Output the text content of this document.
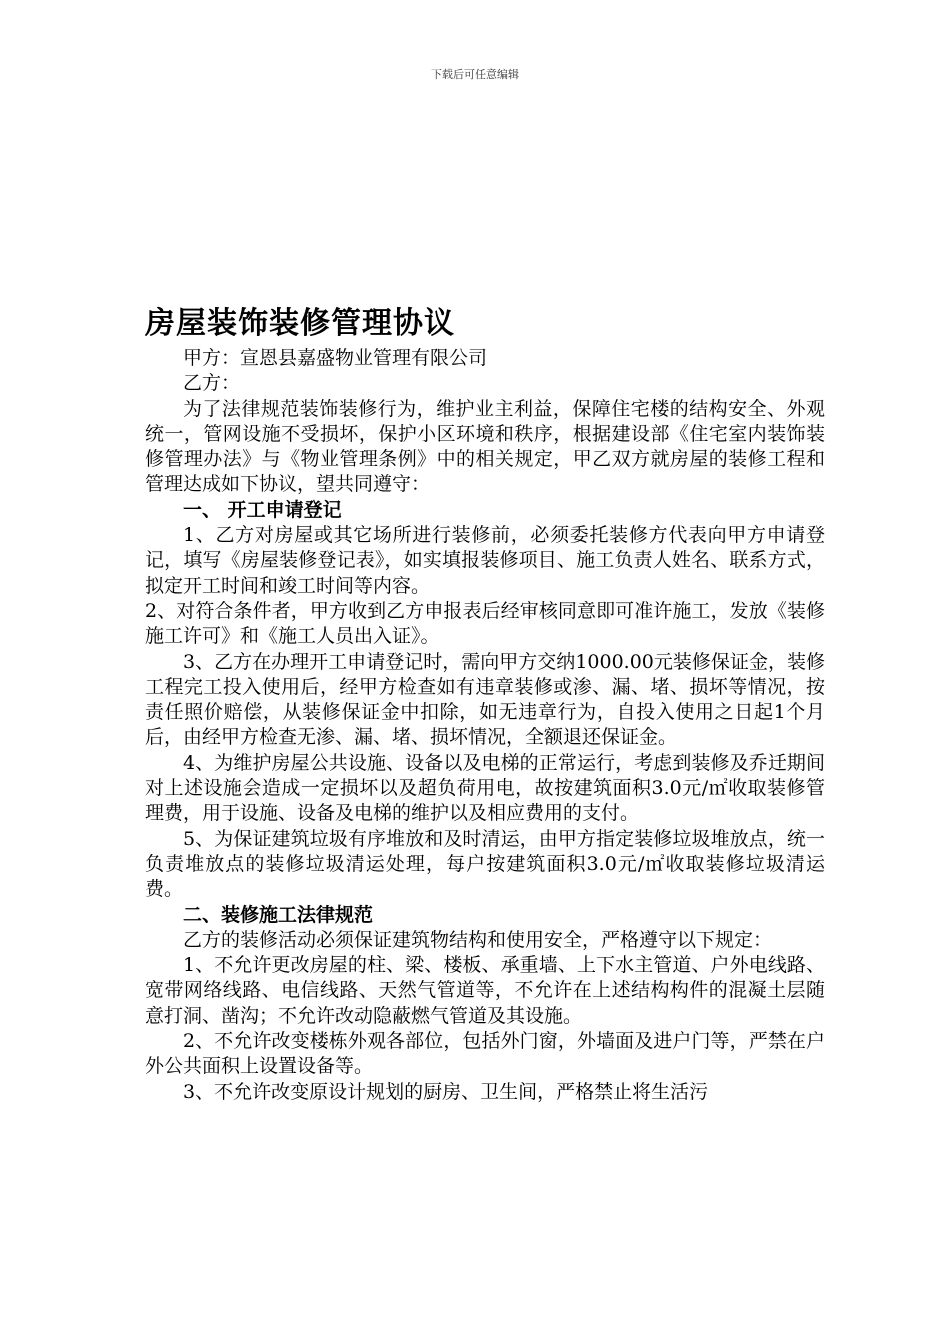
下载后可任意编辑
房屋装饰装修管理协议

甲方：宣恩县嘉盛物业管理有限公司

乙方：

为了法律规范装饰装修行为，维护业主利益，保障住宅楼的结构安全、外观统一，管网设施不受损坏，保护小区环境和秩序，根据建设部《住宅室内装饰装修管理办法》与《物业管理条例》中的相关规定，甲乙双方就房屋的装修工程和管理达成如下协议，望共同遵守：

一、 开工申请登记

1、乙方对房屋或其它场所进行装修前，必须委托装修方代表向甲方申请登记，填写《房屋装修登记表》，如实填报装修项目、施工负责人姓名、联系方式，拟定开工时间和竣工时间等内容。

2、对符合条件者，甲方收到乙方申报表后经审核同意即可准许施工，发放《装修施工许可》和《施工人员出入证》。

3、乙方在办理开工申请登记时，需向甲方交纳1000.00元装修保证金，装修工程完工投入使用后，经甲方检查如有违章装修或渗、漏、堵、损坏等情况，按责任照价赔偿，从装修保证金中扣除，如无违章行为，自投入使用之日起1个月后，由经甲方检查无渗、漏、堵、损坏情况，全额退还保证金。

4、为维护房屋公共设施、设备以及电梯的正常运行，考虑到装修及乔迁期间对上述设施会造成一定损坏以及超负荷用电，故按建筑面积3.0元/㎡收取装修管理费，用于设施、设备及电梯的维护以及相应费用的支付。

5、为保证建筑垃圾有序堆放和及时清运，由甲方指定装修垃圾堆放点，统一负责堆放点的装修垃圾清运处理，每户按建筑面积3.0元/㎡收取装修垃圾清运费。

二、装修施工法律规范

乙方的装修活动必须保证建筑物结构和使用安全，严格遵守以下规定：

1、不允许更改房屋的柱、梁、楼板、承重墙、上下水主管道、户外电线路、宽带网络线路、电信线路、天然气管道等，不允许在上述结构构件的混凝土层随意打洞、凿沟；不允许改动隐蔽燃气管道及其设施。

2、不允许改变楼栋外观各部位，包括外门窗，外墙面及进户门等，严禁在户外公共面积上设置设备等。

3、不允许改变原设计规划的厨房、卫生间，严格禁止将生活污
